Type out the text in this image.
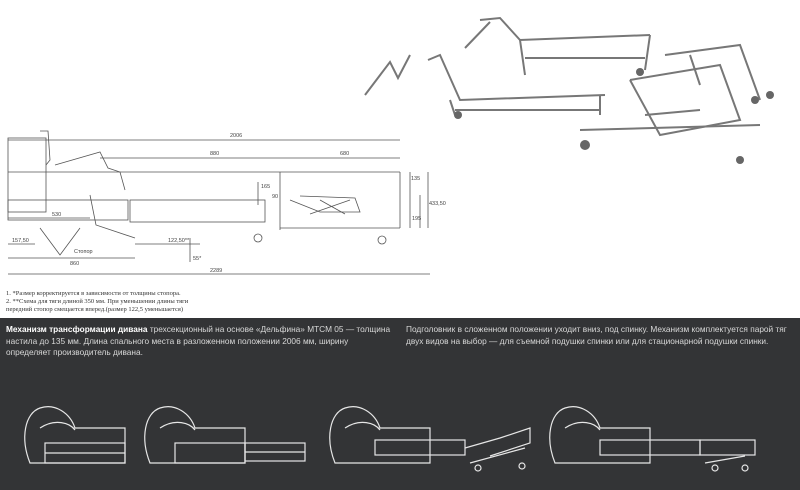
2006
880	680
530
165
157,50	122,50**
Стопор
860
2289
135
195
433,50
90
55*
1. *Размер корректируется в зависимости от толщины стопора.
2. **Схема для тяги длиной 350 мм. При уменьшении длины тяги
передний стопор смещается вперед.(размер 122,5 уменьшается)
Механизм трансформации дивана трехсекционный на основе «Дельфина» МТСМ 05 — толщина настила до 135 мм. Длина спального места в разложенном положении 2006 мм, ширину определяет производитель дивана.
Подголовник в сложенном положении уходит вниз, под спинку. Механизм комплектуется парой тяг двух видов на выбор — для съемной подушки спинки или для стационарной подушки спинки.
